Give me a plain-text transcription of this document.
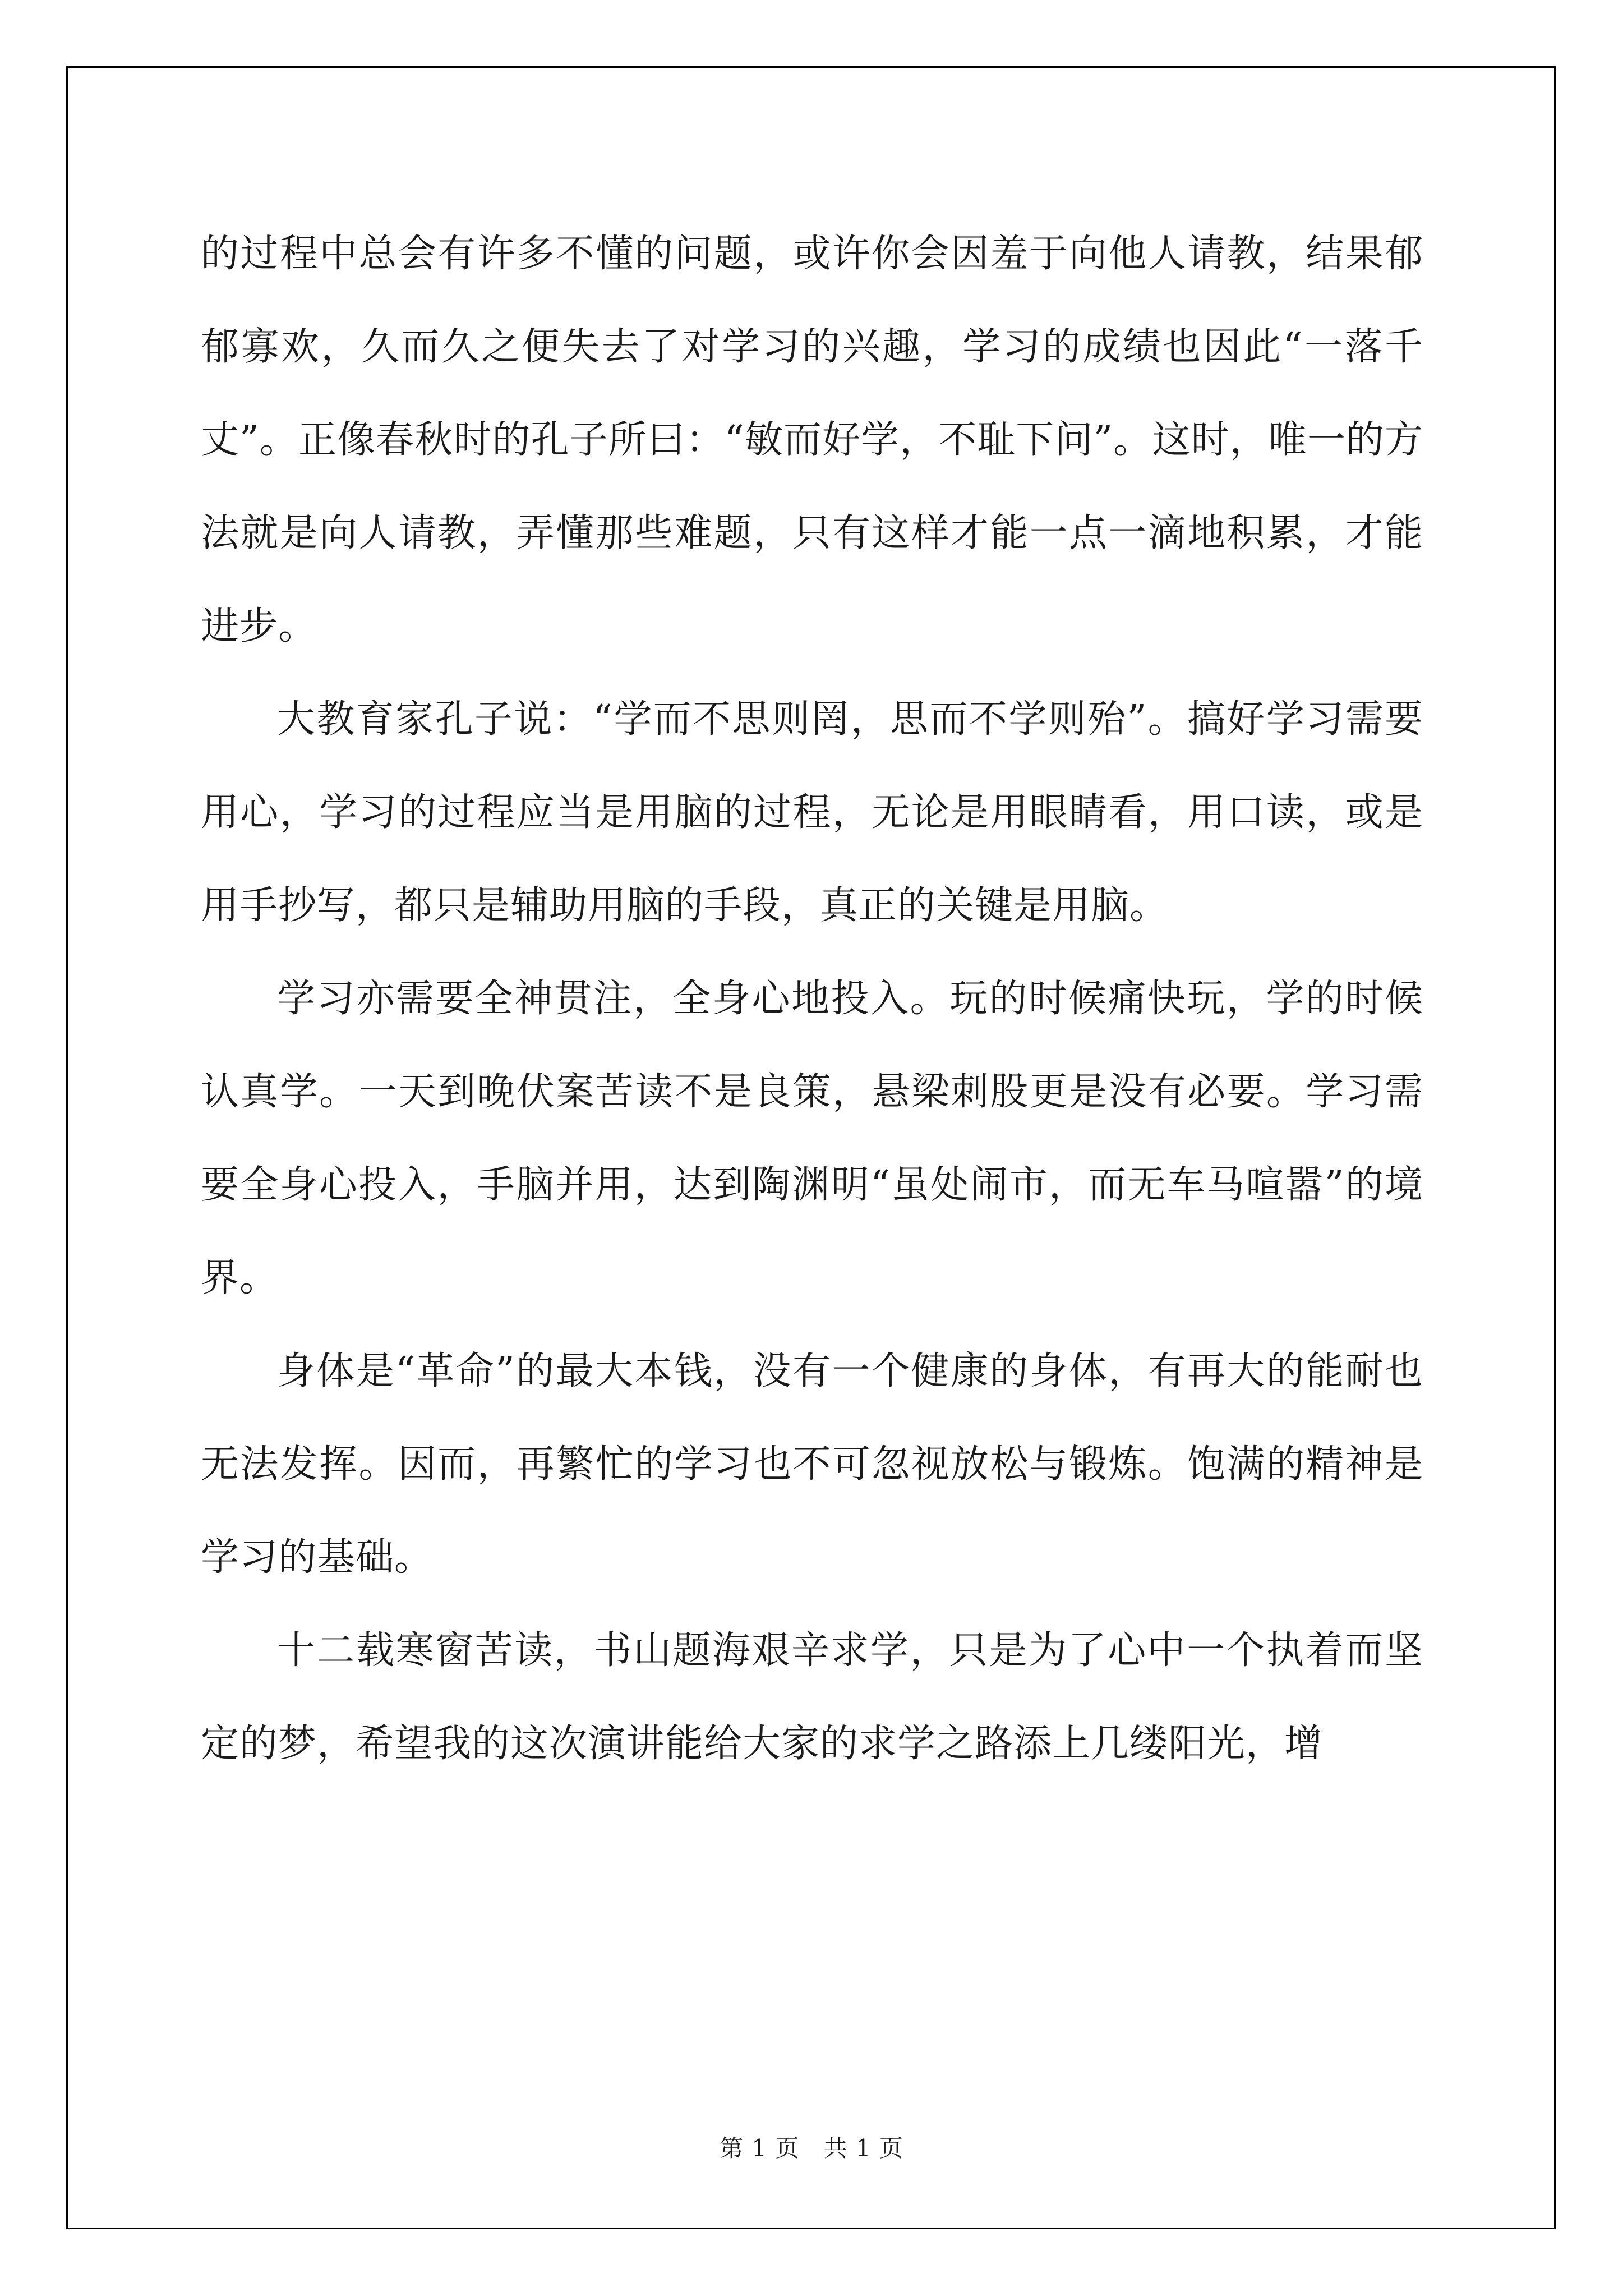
的过程中总会有许多不懂的问题，或许你会因羞于向他人请教，结果郁郁寡欢，久而久之便失去了对学习的兴趣，学习的成绩也因此“一落千丈”。正像春秋时的孔子所曰：“敏而好学，不耻下问”。这时，唯一的方法就是向人请教，弄懂那些难题，只有这样才能一点一滴地积累，才能进步。

大教育家孔子说：“学而不思则罔，思而不学则殆”。搞好学习需要用心，学习的过程应当是用脑的过程，无论是用眼睛看，用口读，或是用手抄写，都只是辅助用脑的手段，真正的关键是用脑。

学习亦需要全神贯注，全身心地投入。玩的时候痛快玩，学的时候认真学。一天到晚伏案苦读不是良策，悬梁刺股更是没有必要。学习需要全身心投入，手脑并用，达到陶渊明“虽处闹市，而无车马喧嚣”的境界。

身体是“革命”的最大本钱，没有一个健康的身体，有再大的能耐也无法发挥。因而，再繁忙的学习也不可忽视放松与锻炼。饱满的精神是学习的基础。

十二载寒窗苦读，书山题海艰辛求学，只是为了心中一个执着而坚定的梦，希望我的这次演讲能给大家的求学之路添上几缕阳光，增

第 1 页　共 1 页
